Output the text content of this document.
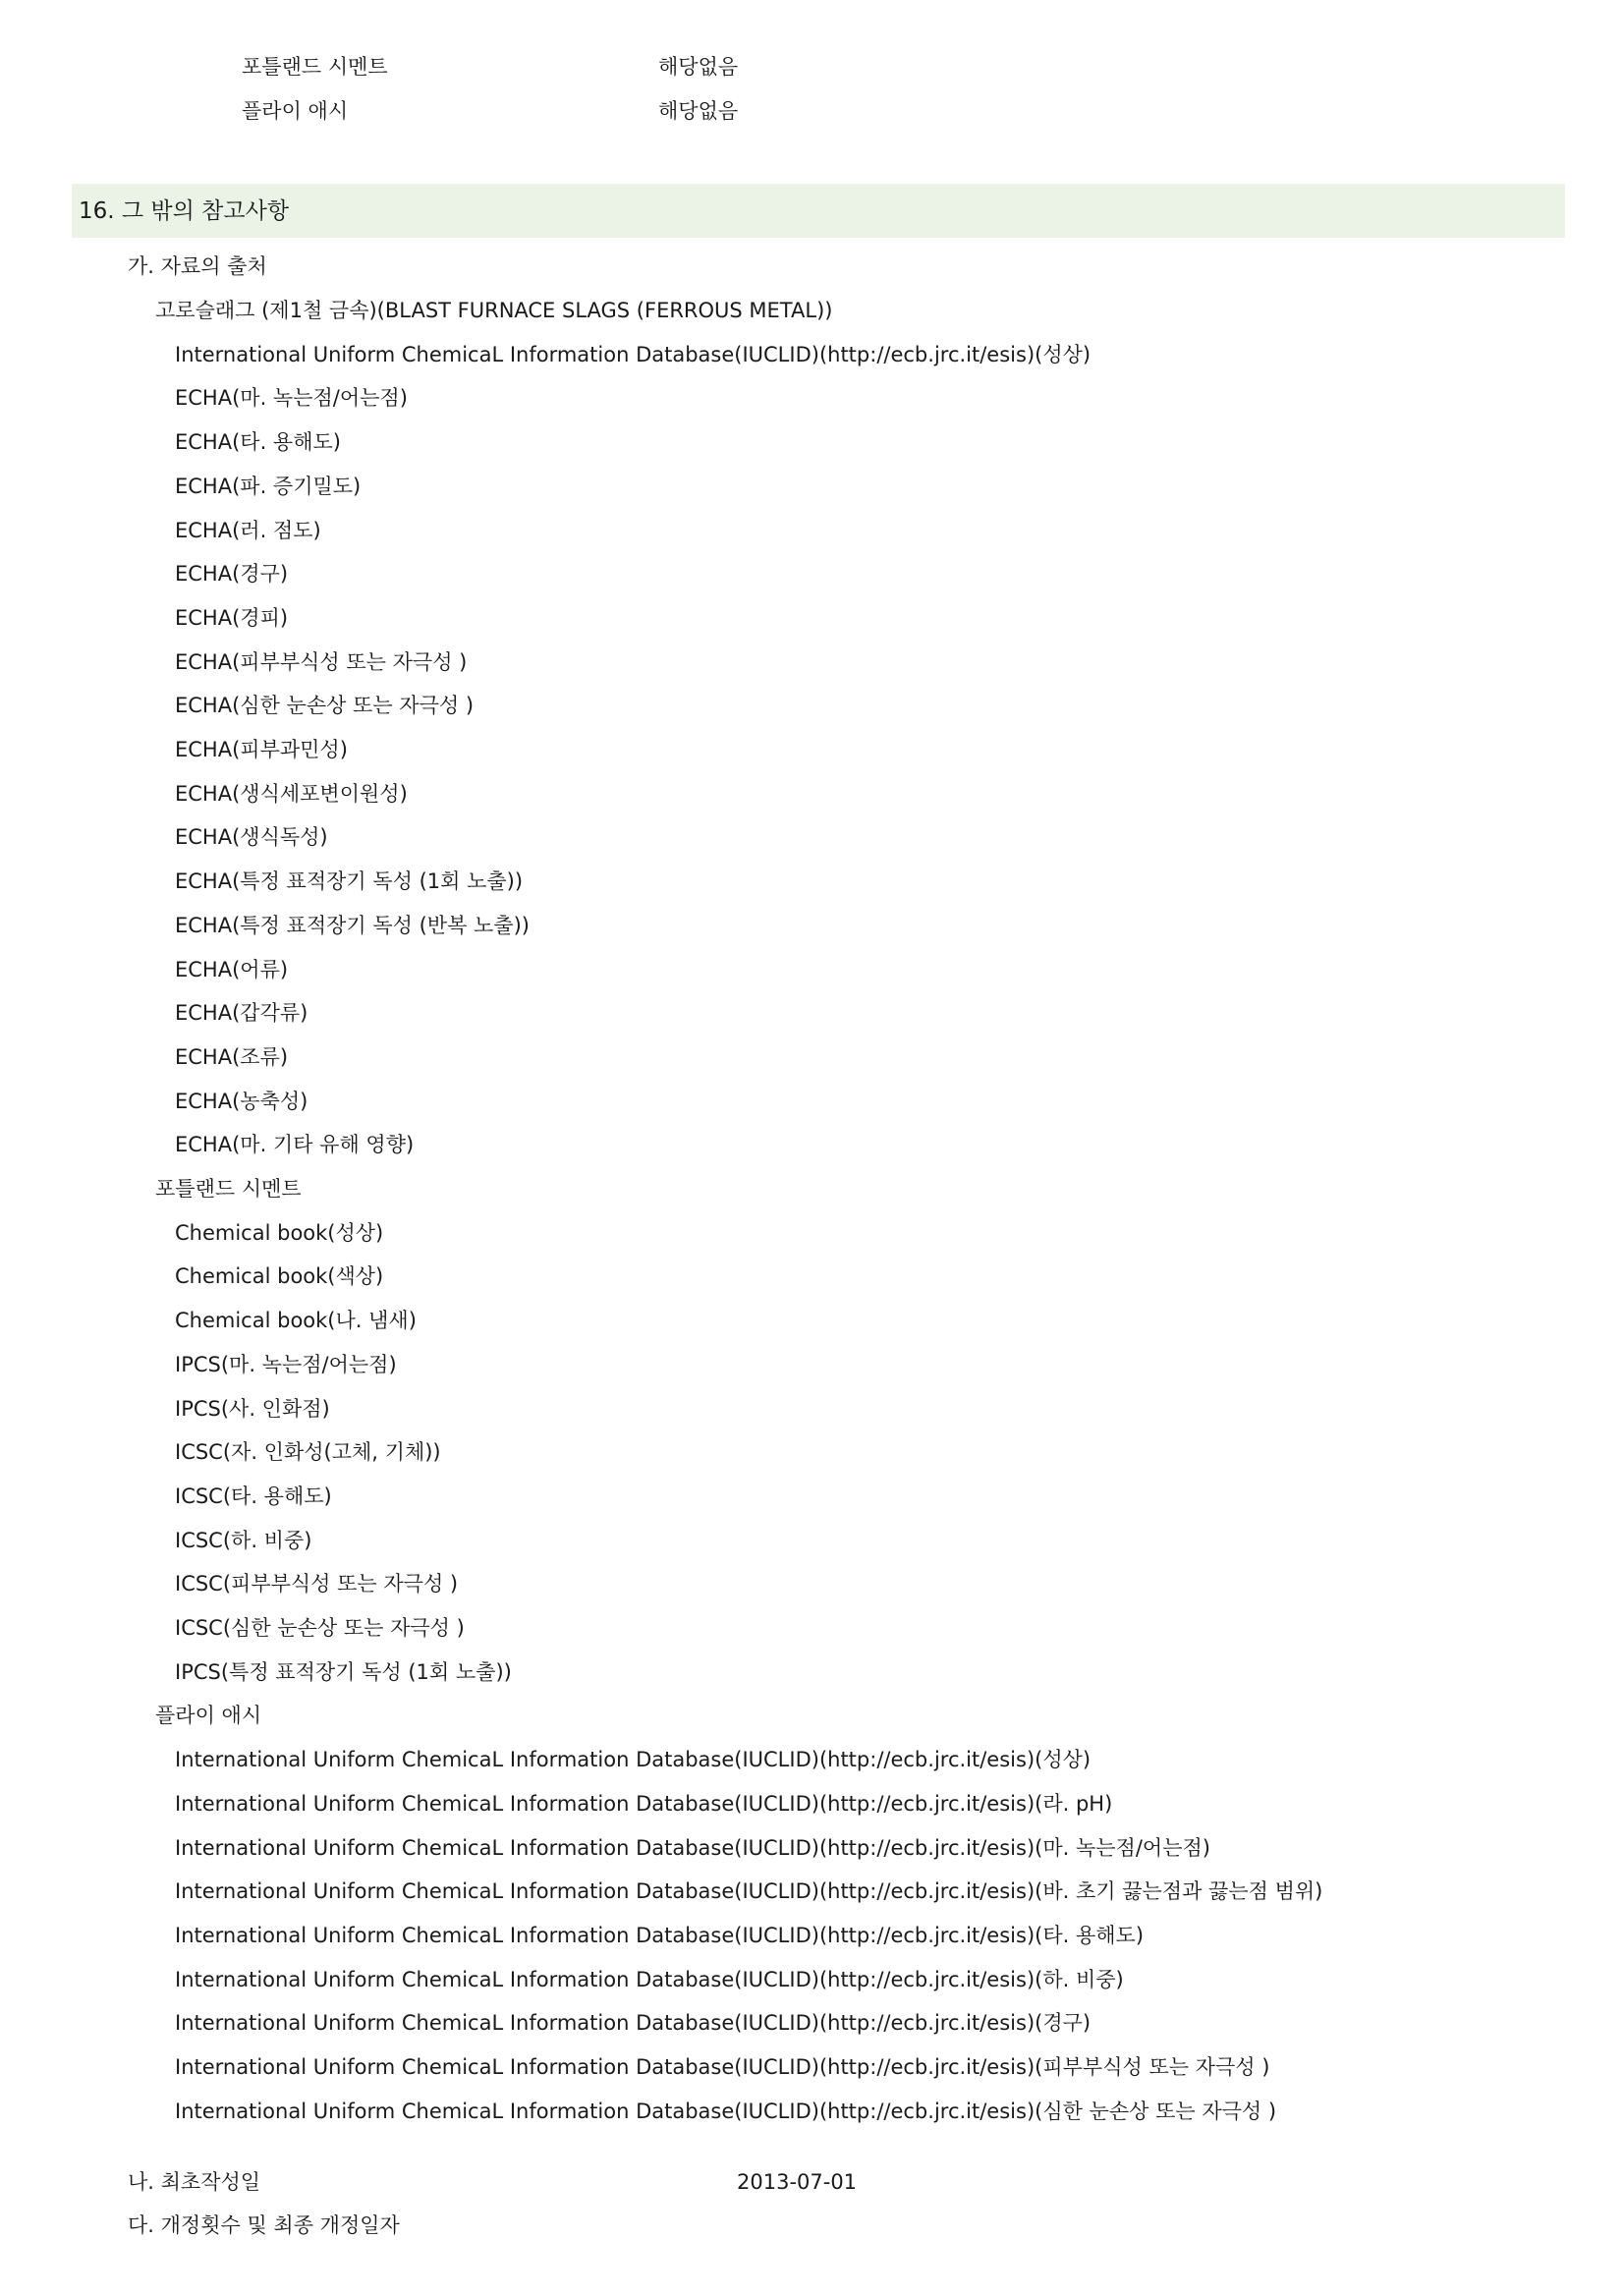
포틀랜드 시멘트	해당없음
플라이 애시	해당없음
16. 그 밖의 참고사항
가. 자료의 출처
고로슬래그 (제1철 금속)(BLAST FURNACE SLAGS (FERROUS METAL))
International Uniform ChemicaL Information Database(IUCLID)(http://ecb.jrc.it/esis)(성상)
ECHA(마. 녹는점/어는점)
ECHA(타. 용해도)
ECHA(파. 증기밀도)
ECHA(러. 점도)
ECHA(경구)
ECHA(경피)
ECHA(피부부식성 또는 자극성 )
ECHA(심한 눈손상 또는 자극성 )
ECHA(피부과민성)
ECHA(생식세포변이원성)
ECHA(생식독성)
ECHA(특정 표적장기 독성 (1회 노출))
ECHA(특정 표적장기 독성 (반복 노출))
ECHA(어류)
ECHA(갑각류)
ECHA(조류)
ECHA(농축성)
ECHA(마. 기타 유해 영향)
포틀랜드 시멘트
Chemical book(성상)
Chemical book(색상)
Chemical book(나. 냄새)
IPCS(마. 녹는점/어는점)
IPCS(사. 인화점)
ICSC(자. 인화성(고체, 기체))
ICSC(타. 용해도)
ICSC(하. 비중)
ICSC(피부부식성 또는 자극성 )
ICSC(심한 눈손상 또는 자극성 )
IPCS(특정 표적장기 독성 (1회 노출))
플라이 애시
International Uniform ChemicaL Information Database(IUCLID)(http://ecb.jrc.it/esis)(성상)
International Uniform ChemicaL Information Database(IUCLID)(http://ecb.jrc.it/esis)(라. pH)
International Uniform ChemicaL Information Database(IUCLID)(http://ecb.jrc.it/esis)(마. 녹는점/어는점)
International Uniform ChemicaL Information Database(IUCLID)(http://ecb.jrc.it/esis)(바. 초기 끓는점과 끓는점 범위)
International Uniform ChemicaL Information Database(IUCLID)(http://ecb.jrc.it/esis)(타. 용해도)
International Uniform ChemicaL Information Database(IUCLID)(http://ecb.jrc.it/esis)(하. 비중)
International Uniform ChemicaL Information Database(IUCLID)(http://ecb.jrc.it/esis)(경구)
International Uniform ChemicaL Information Database(IUCLID)(http://ecb.jrc.it/esis)(피부부식성 또는 자극성 )
International Uniform ChemicaL Information Database(IUCLID)(http://ecb.jrc.it/esis)(심한 눈손상 또는 자극성 )
나. 최초작성일	2013-07-01
다. 개정횟수 및 최종 개정일자
